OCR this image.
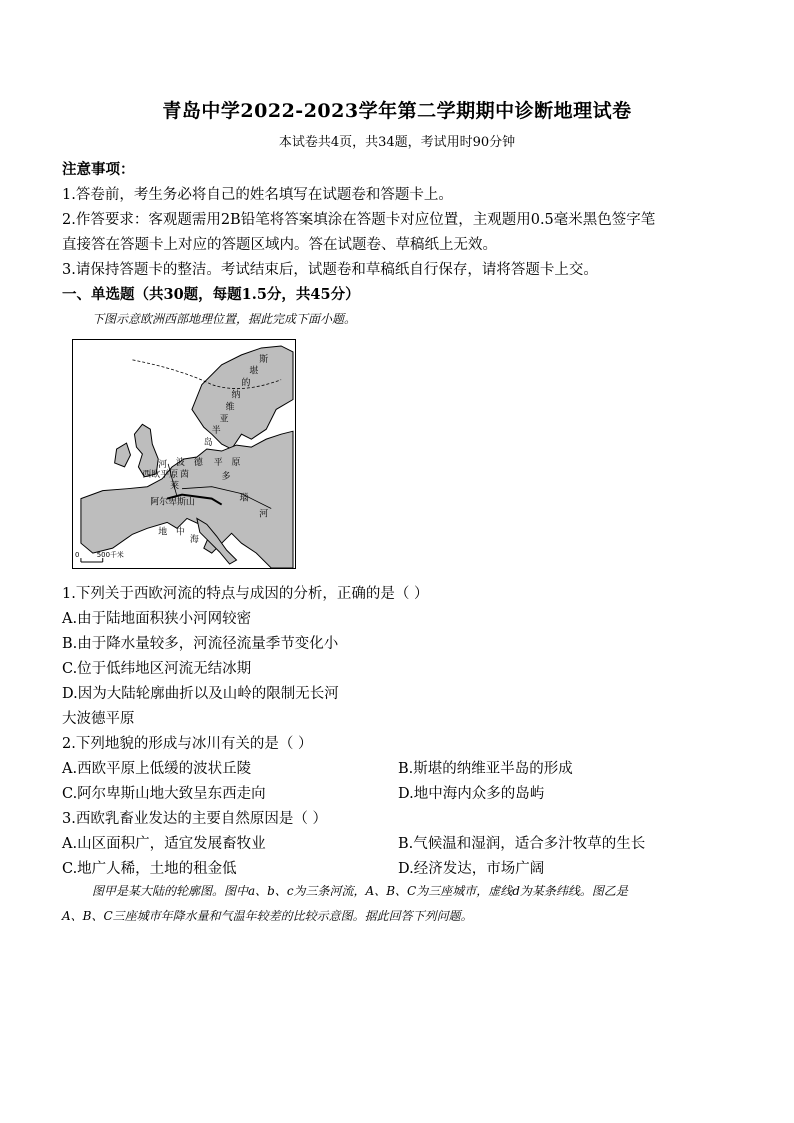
青岛中学2022-2023学年第二学期期中诊断地理试卷
本试卷共4页，共34题，考试用时90分钟
注意事项：
1.答卷前，考生务必将自己的姓名填写在试题卷和答题卡上。
2.作答要求：客观题需用2B铅笔将答案填涂在答题卡对应位置，主观题用0.5毫米黑色签字笔
直接答在答题卡上对应的答题区域内。答在试题卷、草稿纸上无效。
3.请保持答题卡的整洁。考试结束后，试题卷和草稿纸自行保存，请将答题卡上交。
一、单选题（共30题，每题1.5分，共45分）
下图示意欧洲西部地理位置，据此完成下面小题。
斯
堪
的
纳
维
亚
半
岛
河
西欧平原
波 德 平 原
多
莱
茵
瑙
阿尔卑斯山
地 中
海
河
0 500千米
1.下列关于西欧河流的特点与成因的分析，正确的是（ ）
A.由于陆地面积狭小河网较密
B.由于降水量较多，河流径流量季节变化小
C.位于低纬地区河流无结冰期
D.因为大陆轮廓曲折以及山岭的限制无长河
大波德平原
2.下列地貌的形成与冰川有关的是（ ）
A.西欧平原上低缓的波状丘陵	B.斯堪的纳维亚半岛的形成
C.阿尔卑斯山地大致呈东西走向	D.地中海内众多的岛屿
3.西欧乳畜业发达的主要自然原因是（ ）
A.山区面积广，适宜发展畜牧业	B.气候温和湿润，适合多汁牧草的生长
C.地广人稀，土地的租金低	D.经济发达，市场广阔
图甲是某大陆的轮廓图。图中a、b、c为三条河流，A、B、C为三座城市，虚线d为某条纬线。图乙是
A、B、C三座城市年降水量和气温年较差的比较示意图。据此回答下列问题。
